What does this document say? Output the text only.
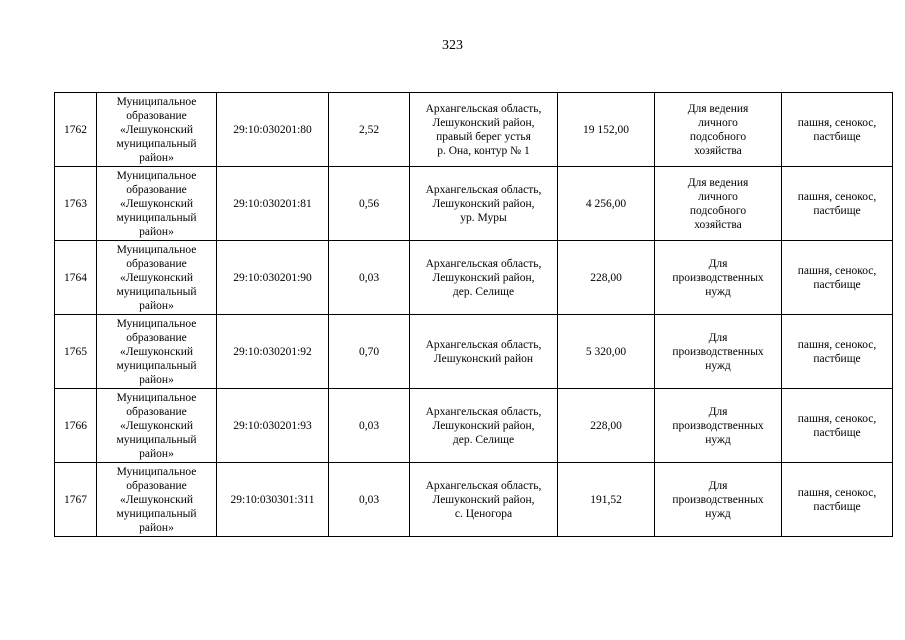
323
1762	Муниципальное
образование
«Лешуконский
муниципальный
район»	29:10:030201:80	2,52	Архангельская область,
Лешуконский район,
правый берег устья
р. Она, контур № 1	19 152,00	Для ведения
личного
подсобного
хозяйства	пашня, сенокос,
пастбище

1763	Муниципальное
образование
«Лешуконский
муниципальный
район»	29:10:030201:81	0,56	Архангельская область,
Лешуконский район,
ур. Муры	4 256,00	Для ведения
личного
подсобного
хозяйства	пашня, сенокос,
пастбище

1764	Муниципальное
образование
«Лешуконский
муниципальный
район»	29:10:030201:90	0,03	Архангельская область,
Лешуконский район,
дер. Селище	228,00	Для
производственных
нужд	пашня, сенокос,
пастбище

1765	Муниципальное
образование
«Лешуконский
муниципальный
район»	29:10:030201:92	0,70	Архангельская область,
Лешуконский район	5 320,00	Для
производственных
нужд	пашня, сенокос,
пастбище

1766	Муниципальное
образование
«Лешуконский
муниципальный
район»	29:10:030201:93	0,03	Архангельская область,
Лешуконский район,
дер. Селище	228,00	Для
производственных
нужд	пашня, сенокос,
пастбище

1767	Муниципальное
образование
«Лешуконский
муниципальный
район»	29:10:030301:311	0,03	Архангельская область,
Лешуконский район,
с. Ценогора	191,52	Для
производственных
нужд	пашня, сенокос,
пастбище
